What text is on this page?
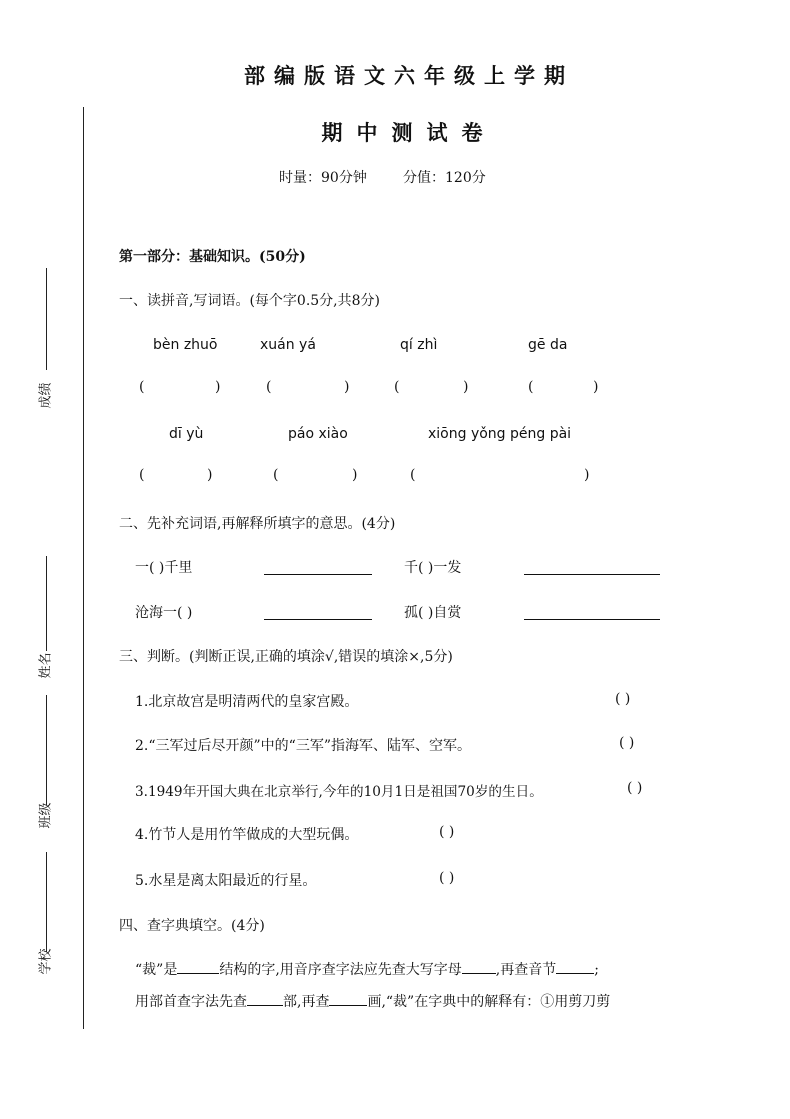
部编版语文六年级上学期
期中测试卷
时量：90分钟	分值：120分
成绩
姓名
班级
学校
第一部分：基础知识。(50分)
一、读拼音,写词语。(每个字0.5分,共8分)
bèn zhuō	xuán yá	qí zhì	gē da
(	)	(	)	(	)	(	)
dī yù	páo xiào	xiōng yǒng péng pài
(	)	(	)	(	)
二、先补充词语,再解释所填字的意思。(4分)
一( )千里	千( )一发
沧海一( )	孤( )自赏
三、判断。(判断正误,正确的填涂√,错误的填涂×,5分)
1.北京故宫是明清两代的皇家宫殿。	( )
2.“三军过后尽开颜”中的“三军”指海军、陆军、空军。	( )
3.1949年开国大典在北京举行,今年的10月1日是祖国70岁的生日。	( )
4.竹节人是用竹竿做成的大型玩偶。	( )
5.水星是离太阳最近的行星。	( )
四、查字典填空。(4分)
“裁”是	结构的字,用音序查字法应先查大写字母 ,再查音节	;
用部首查字法先查	部,再查	画,“裁”在字典中的解释有：①用剪刀剪
